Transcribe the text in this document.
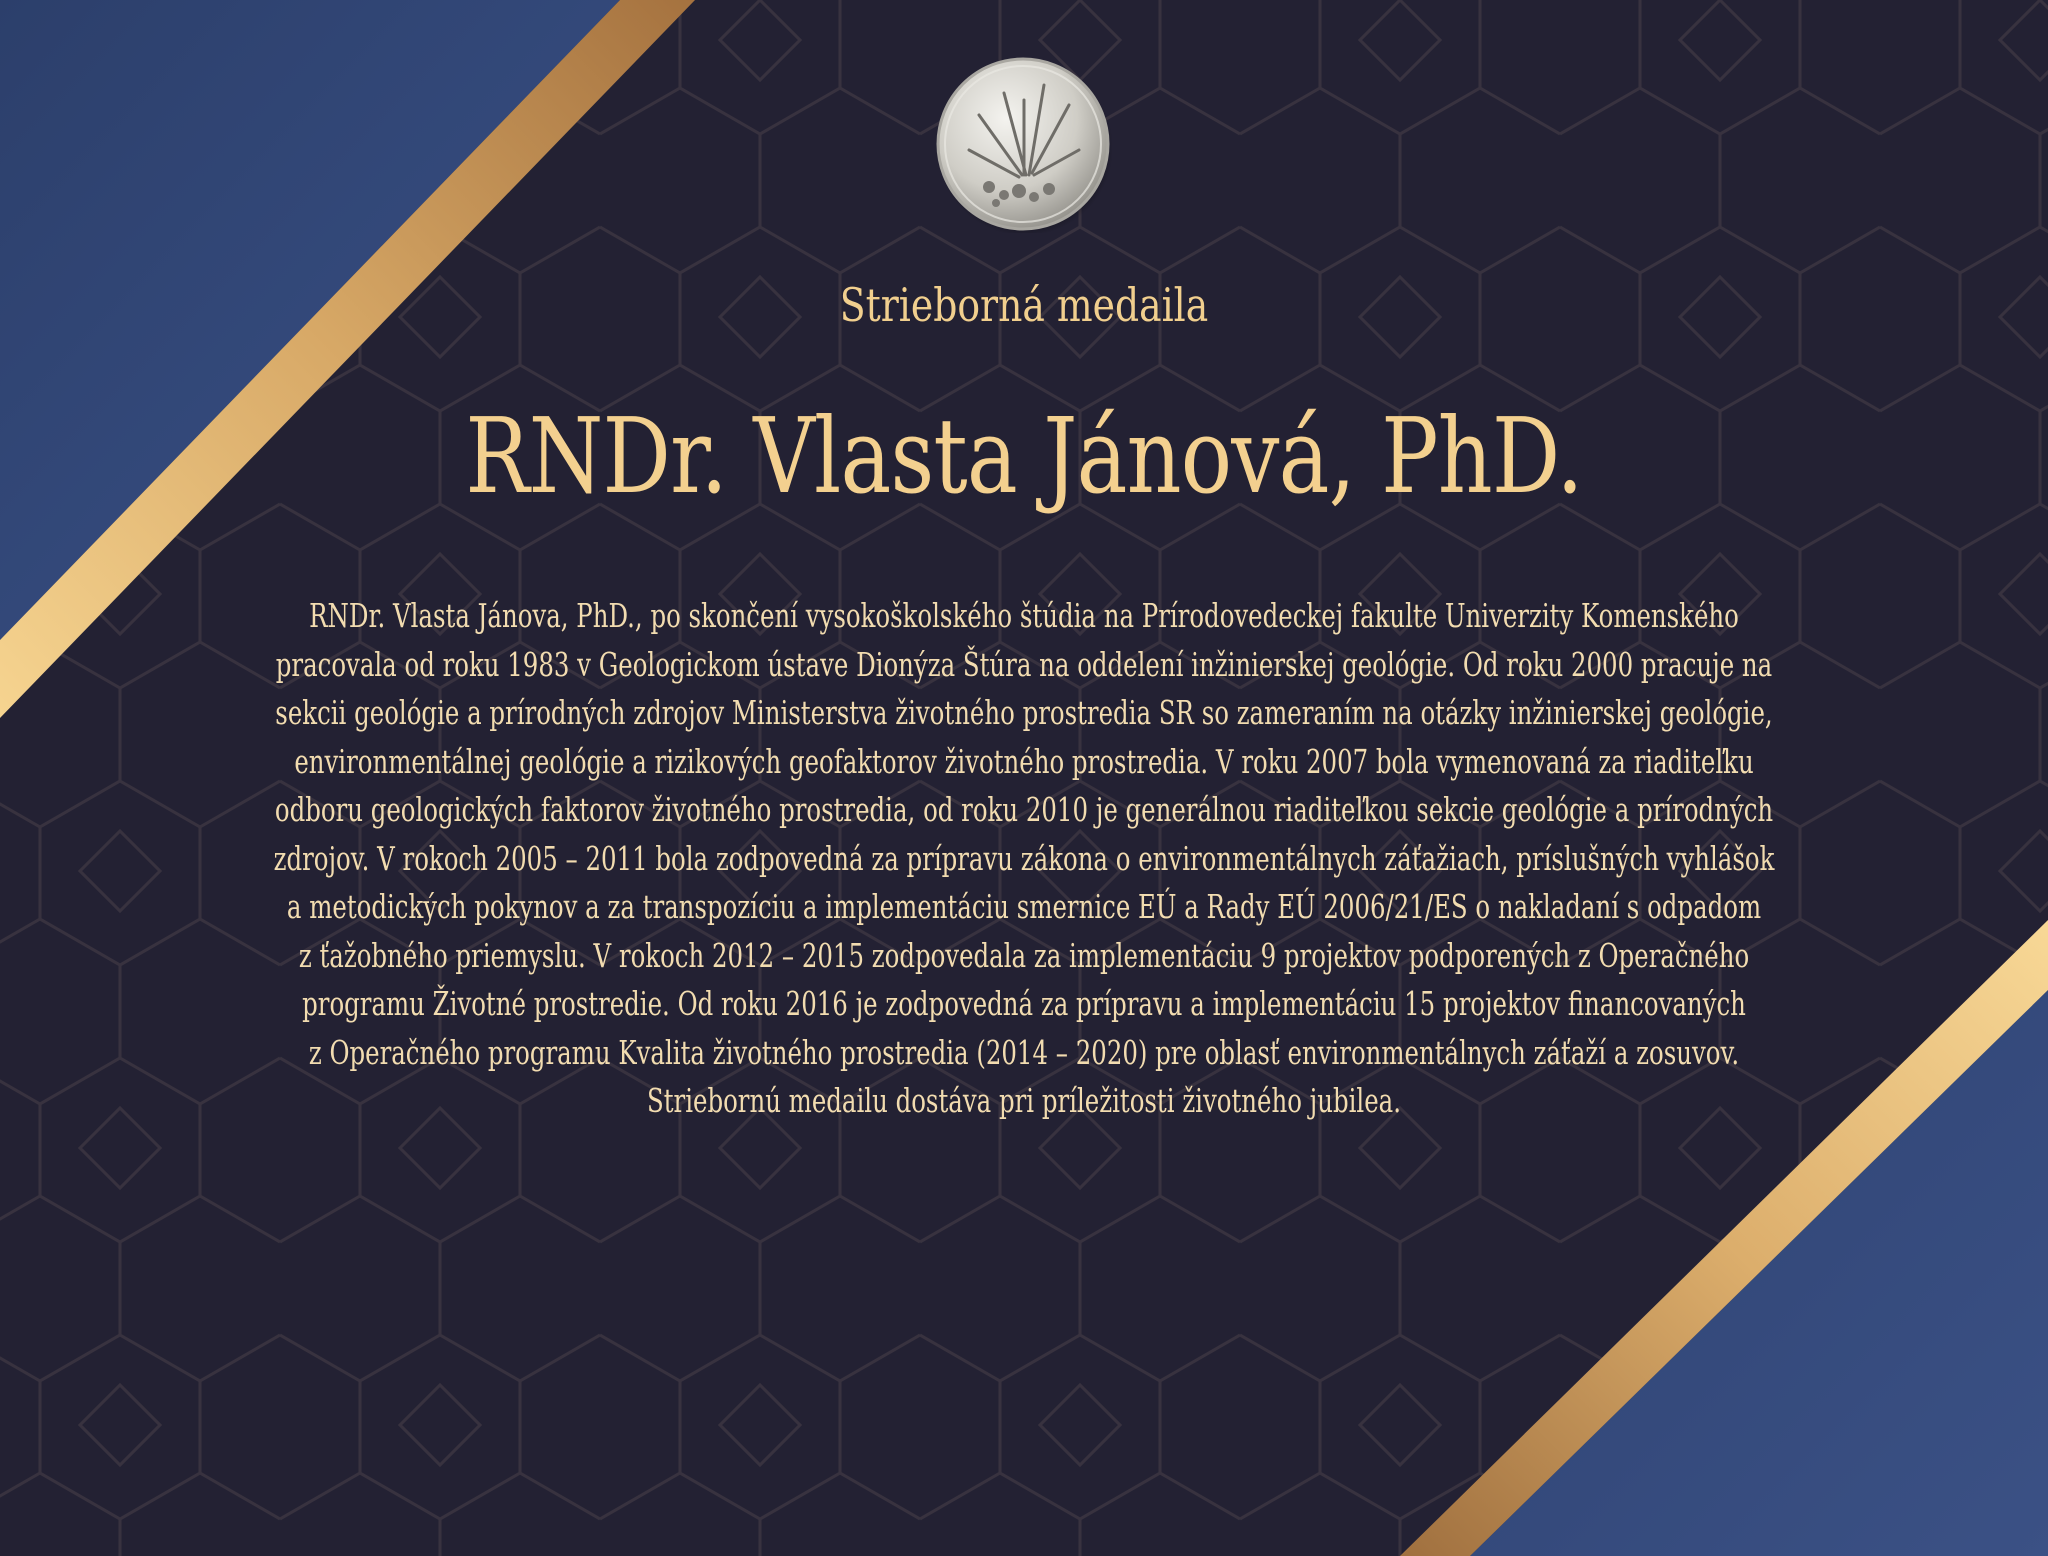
Strieborná medaila
RNDr. Vlasta Jánová, PhD.
RNDr. Vlasta Jánova, PhD., po skončení vysokoškolského štúdia na Prírodovedeckej fakulte Univerzity Komenského
pracovala od roku 1983 v Geologickom ústave Dionýza Štúra na oddelení inžinierskej geológie. Od roku 2000 pracuje na
sekcii geológie a prírodných zdrojov Ministerstva životného prostredia SR so zameraním na otázky inžinierskej geológie,
environmentálnej geológie a rizikových geofaktorov životného prostredia. V roku 2007 bola vymenovaná za riaditeľku
odboru geologických faktorov životného prostredia, od roku 2010 je generálnou riaditeľkou sekcie geológie a prírodných
zdrojov. V rokoch 2005 – 2011 bola zodpovedná za prípravu zákona o environmentálnych záťažiach, príslušných vyhlášok
a metodických pokynov a za transpozíciu a implementáciu smernice EÚ a Rady EÚ 2006/21/ES o nakladaní s odpadom
z ťažobného priemyslu. V rokoch 2012 – 2015 zodpovedala za implementáciu 9 projektov podporených z Operačného
programu Životné prostredie. Od roku 2016 je zodpovedná za prípravu a implementáciu 15 projektov financovaných
z Operačného programu Kvalita životného prostredia (2014 – 2020) pre oblasť environmentálnych záťaží a zosuvov.
Striebornú medailu dostáva pri príležitosti životného jubilea.
